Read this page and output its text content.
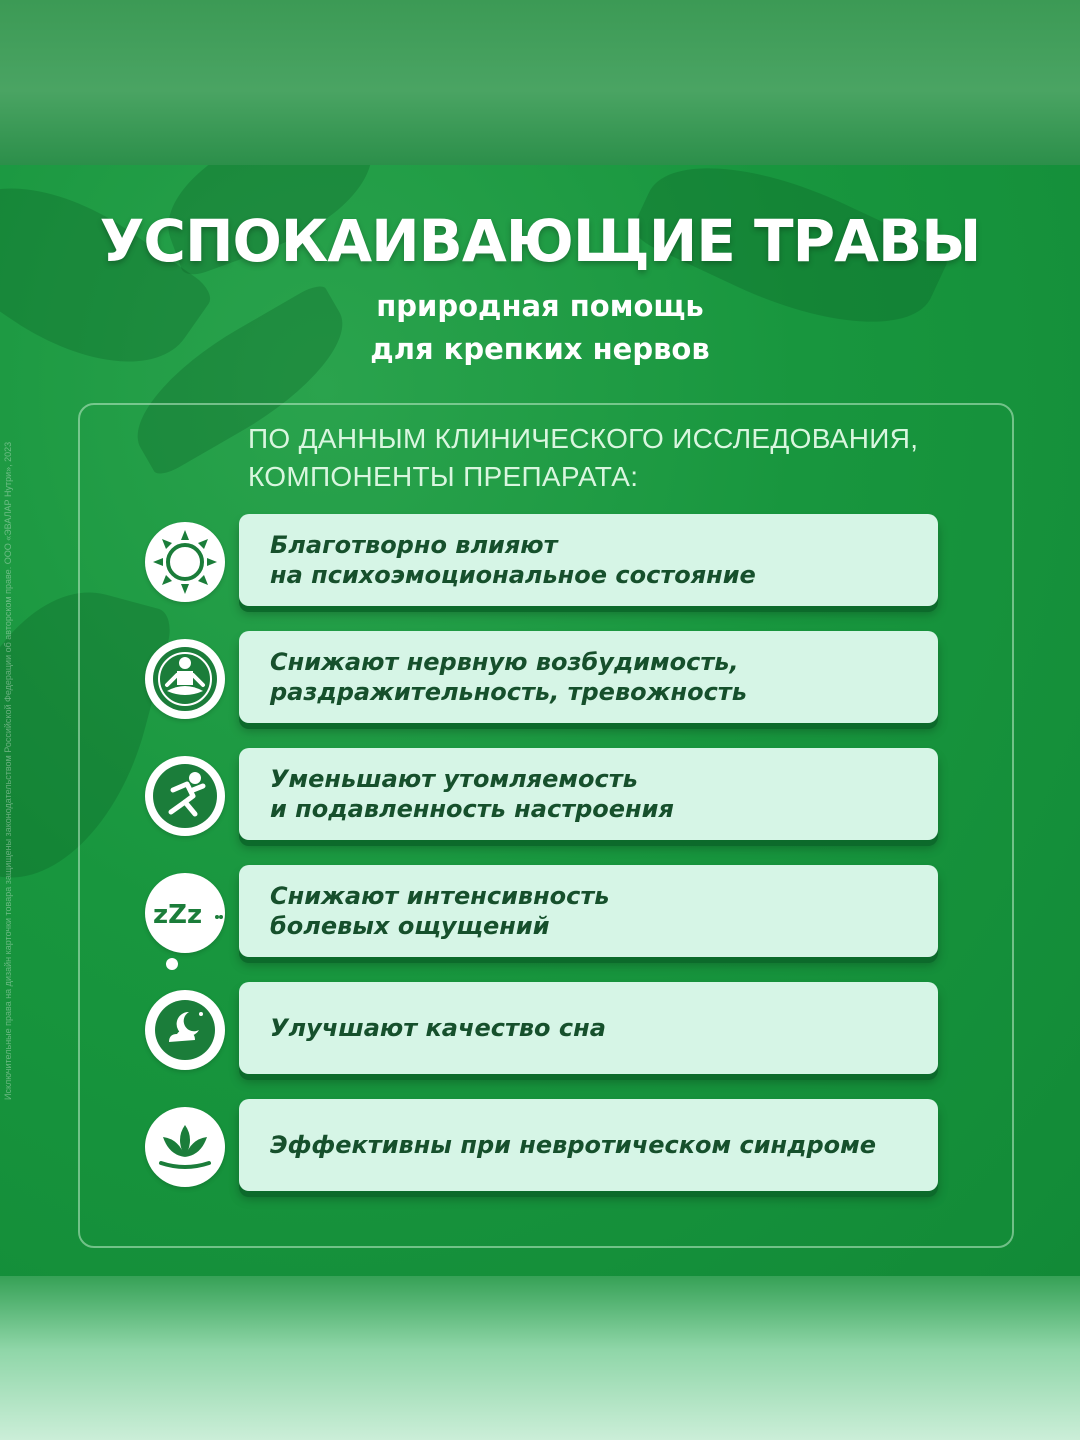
УСПОКАИВАЮЩИЕ ТРАВЫ
природная помощь
для крепких нервов
ПО ДАННЫМ КЛИНИЧЕСКОГО ИССЛЕДОВАНИЯ,
КОМПОНЕНТЫ ПРЕПАРАТА:
Благотворно влияют
на психоэмоциональное состояние
Снижают нервную возбудимость,
раздражительность, тревожность
Уменьшают утомляемость
и подавленность настроения
zZz
Снижают интенсивность
болевых ощущений
Улучшают качество сна
Эффективны при невротическом синдроме
